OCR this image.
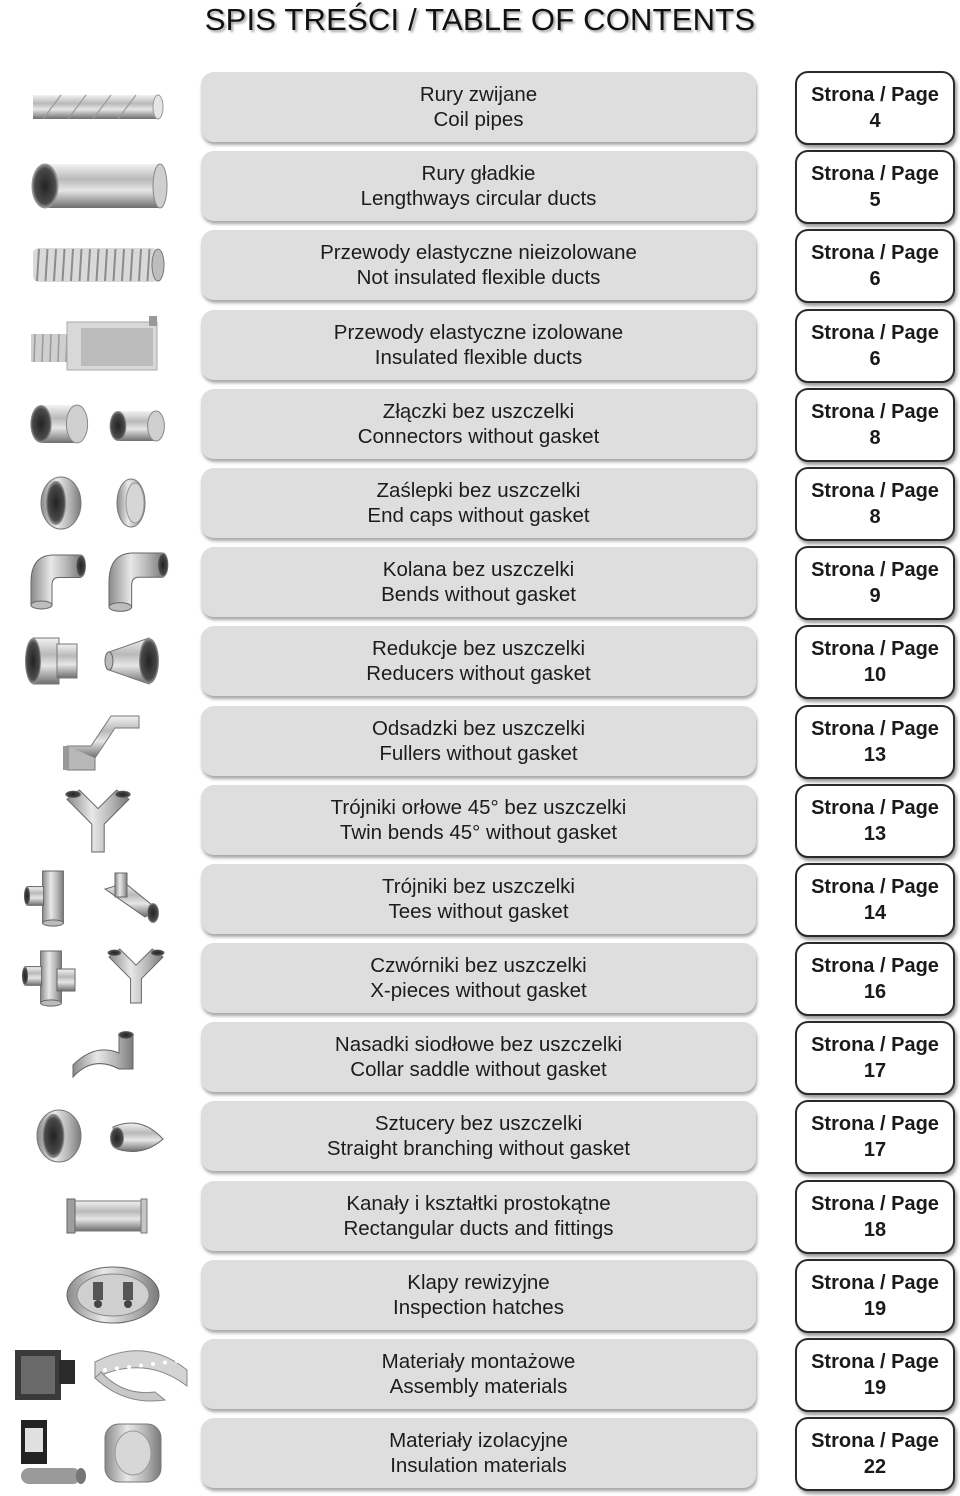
SPIS TREŚCI / TABLE OF CONTENTS
Rury zwijane
Coil pipes
Strona / Page
4
Rury gładkie
Lengthways circular ducts
Strona / Page
5
Przewody elastyczne nieizolowane
Not insulated flexible ducts
Strona / Page
6
Przewody elastyczne izolowane
Insulated flexible ducts
Strona / Page
6
Złączki bez uszczelki
Connectors without gasket
Strona / Page
8
Zaślepki bez uszczelki
End caps without gasket
Strona / Page
8
Kolana bez uszczelki
Bends without gasket
Strona / Page
9
Redukcje bez uszczelki
Reducers without gasket
Strona / Page
10
Odsadzki bez uszczelki
Fullers without gasket
Strona / Page
13
Trójniki orłowe 45° bez uszczelki
Twin bends 45° without gasket
Strona / Page
13
Trójniki bez uszczelki
Tees without gasket
Strona / Page
14
Czwórniki bez uszczelki
X-pieces without gasket
Strona / Page
16
Nasadki siodłowe bez uszczelki
Collar saddle without gasket
Strona / Page
17
Sztucery bez uszczelki
Straight branching without gasket
Strona / Page
17
Kanały i kształtki prostokątne
Rectangular ducts and fittings
Strona / Page
18
Klapy rewizyjne
Inspection hatches
Strona / Page
19
Materiały montażowe
Assembly materials
Strona / Page
19
Materiały izolacyjne
Insulation materials
Strona / Page
22
